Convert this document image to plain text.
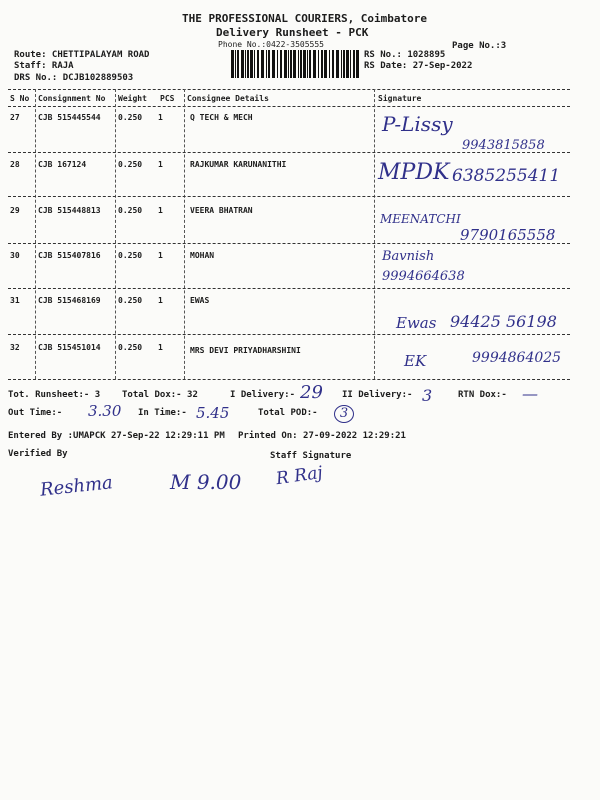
THE PROFESSIONAL COURIERS, Coimbatore
Delivery Runsheet - PCK
Phone No.:0422-3505555	Page No.:3
Route: CHETTIPALAYAM ROAD
Staff: RAJA
DRS No.: DCJB102889503
RS No.: 1028895
RS Date: 27-Sep-2022
S No Consignment No Weight PCS Consignee Details	Signature
27 CJB 515445544 0.250 1	Q TECH & MECH	P-Lissy
9943815858
28 CJB 167124	0.250 1	RAJKUMAR KARUNANITHI	MPDK 6385255411
29 CJB 515448813 0.250 1	VEERA BHATRAN
MEENATCHI
9790165558
30 CJB 515407816 0.250 1	MOHAN	Bavnish
9994664638
31 CJB 515468169 0.250 1	EWAS
Ewas 94425 56198
32 CJB 515451014 0.250 1	MRS DEVI PRIYADHARSHINI
EK	9994864025
Tot. Runsheet:- 3 Total Dox:- 32	I Delivery:- 29 II Delivery:- 3	RTN Dox:- —
Out Time:- 3.30 In Time:- 5.45	Total POD:-	3
Entered By :UMAPCK 27-Sep-22 12:29:11 PM Printed On: 27-09-2022 12:29:21
Verified By	Staff Signature
Reshma	M 9.00 R Raj
